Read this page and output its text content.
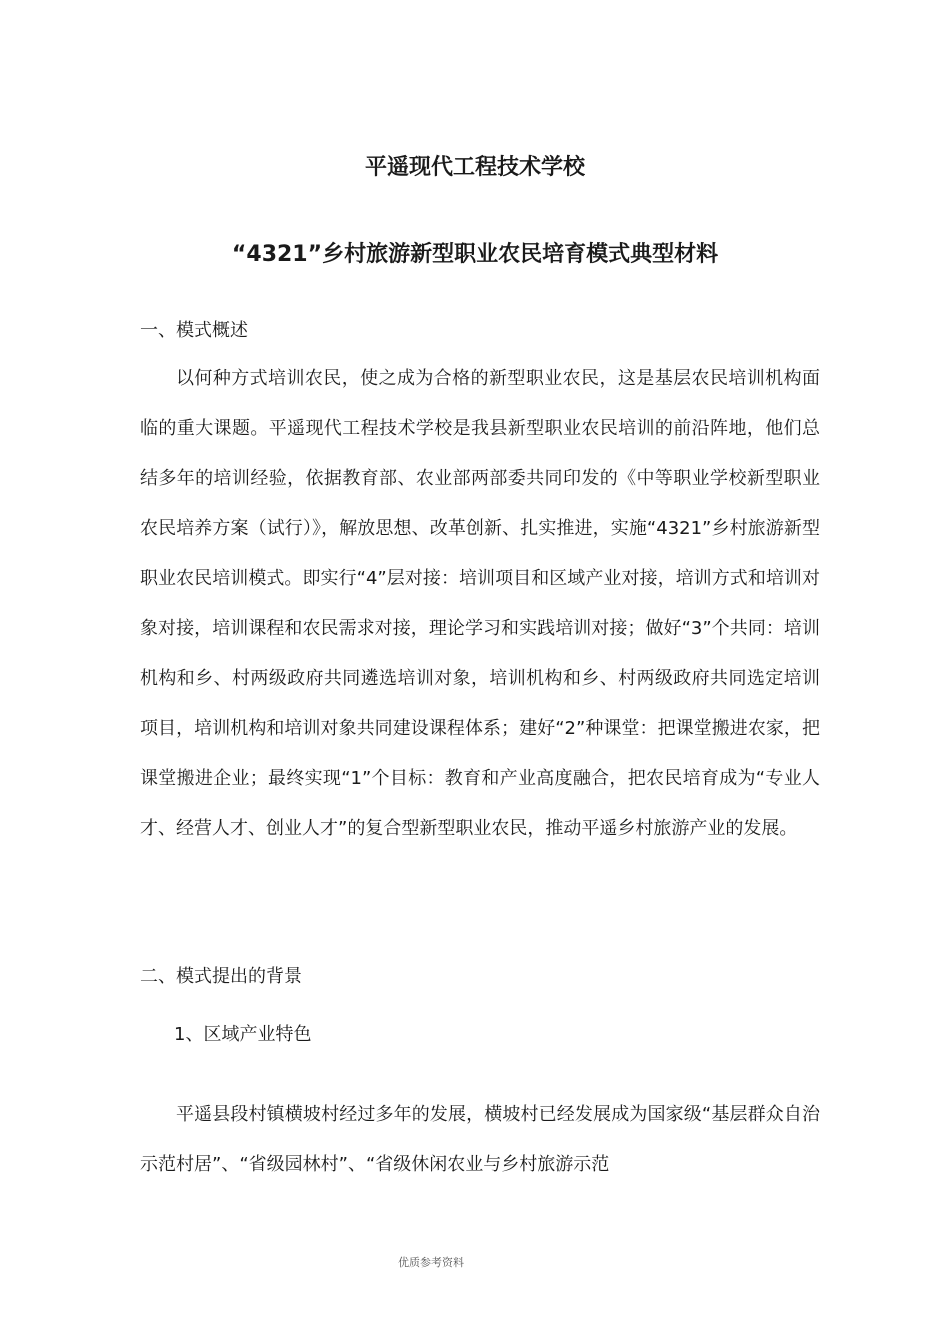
平遥现代工程技术学校
“4321”乡村旅游新型职业农民培育模式典型材料
一、模式概述

以何种方式培训农民，使之成为合格的新型职业农民，这是基层农民培训机构面临的重大课题。平遥现代工程技术学校是我县新型职业农民培训的前沿阵地，他们总结多年的培训经验，依据教育部、农业部两部委共同印发的《中等职业学校新型职业农民培养方案（试行）》，解放思想、改革创新、扎实推进，实施“4321”乡村旅游新型职业农民培训模式。即实行“4”层对接：培训项目和区域产业对接，培训方式和培训对象对接，培训课程和农民需求对接，理论学习和实践培训对接；做好“3”个共同：培训机构和乡、村两级政府共同遴选培训对象，培训机构和乡、村两级政府共同选定培训项目，培训机构和培训对象共同建设课程体系；建好“2”种课堂：把课堂搬进农家，把课堂搬进企业；最终实现“1”个目标：教育和产业高度融合，把农民培育成为“专业人才、经营人才、创业人才”的复合型新型职业农民，推动平遥乡村旅游产业的发展。

二、模式提出的背景
1、区域产业特色

平遥县段村镇横坡村经过多年的发展，横坡村已经发展成为国家级“基层群众自治示范村居”、“省级园林村”、“省级休闲农业与乡村旅游示范

优质参考资料
